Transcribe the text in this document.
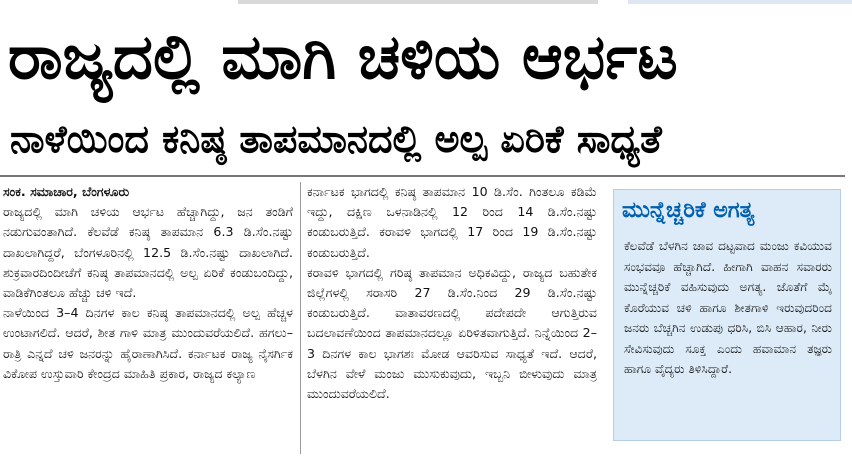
ರಾಜ್ಯದಲ್ಲಿ ಮಾಗಿ ಚಳಿಯ ಆರ್ಭಟ
ನಾಳೆಯಿಂದ ಕನಿಷ್ಠ ತಾಪಮಾನದಲ್ಲಿ ಅಲ್ಪ ಏರಿಕೆ ಸಾಧ್ಯತೆ

ಸಂಕ. ಸಮಾಚಾರ, ಬೆಂಗಳೂರು

ರಾಜ್ಯದಲ್ಲಿ ಮಾಗಿ ಚಳಿಯ ಆರ್ಭಟ ಹೆಚ್ಚಾಗಿದ್ದು, ಜನ ತಂಡಿಗೆ ನಡುಗುವಂತಾಗಿದೆ. ಕೆಲವೆಡೆ ಕನಿಷ್ಠ ತಾಪಮಾನ 6.3 ಡಿ.ಸೆಂ.ನಷ್ಟು ದಾಖಲಾಗಿದ್ದರೆ, ಬೆಂಗಳೂರಿನಲ್ಲಿ 12.5 ಡಿ.ಸೆಂ.ನಷ್ಟು ದಾಖಲಾಗಿದೆ. ಶುಕ್ರವಾರದಿಂದೀಚೆಗೆ ಕನಿಷ್ಠ ತಾಪಮಾನದಲ್ಲಿ ಅಲ್ಪ ಏರಿಕೆ ಕಂಡುಬಂದಿದ್ದು, ವಾಡಿಕೆಗಿಂತಲೂ ಹೆಚ್ಚು ಚಳಿ ಇದೆ.

ನಾಳೆಯಿಂದ 3–4 ದಿನಗಳ ಕಾಲ ಕನಿಷ್ಠ ತಾಪಮಾನದಲ್ಲಿ ಅಲ್ಪ ಹೆಚ್ಚಳ ಉಂಟಾಗಲಿದೆ. ಆದರೆ, ಶೀತ ಗಾಳಿ ಮಾತ್ರ ಮುಂದುವರೆಯಲಿದೆ. ಹಗಲು–ರಾತ್ರಿ ಎನ್ನದೆ ಚಳಿ ಜನರನ್ನು ಹೈರಾಣಾಗಿಸಿದೆ. ಕರ್ನಾಟಕ ರಾಜ್ಯ ನೈಸರ್ಗಿಕ ವಿಕೋಪ ಉಸ್ತುವಾರಿ ಕೇಂದ್ರದ ಮಾಹಿತಿ ಪ್ರಕಾರ, ರಾಜ್ಯದ ಕಲ್ಯಾಣ

ಕರ್ನಾಟಕ ಭಾಗದಲ್ಲಿ ಕನಿಷ್ಠ ತಾಪಮಾನ 10 ಡಿ.ಸೆಂ. ಗಿಂತಲೂ ಕಡಿಮೆ ಇದ್ದು, ದಕ್ಷಿಣ ಒಳನಾಡಿನಲ್ಲಿ 12 ರಿಂದ 14 ಡಿ.ಸೆಂ.ನಷ್ಟು ಕಂಡುಬರುತ್ತಿದೆ. ಕರಾವಳಿ ಭಾಗದಲ್ಲಿ 17 ರಿಂದ 19 ಡಿ.ಸೆಂ.ನಷ್ಟು ಕಂಡುಬರುತ್ತಿದೆ.

ಕರಾವಳಿ ಭಾಗದಲ್ಲಿ ಗರಿಷ್ಠ ತಾಪಮಾನ ಅಧಿಕವಿದ್ದು, ರಾಜ್ಯದ ಬಹುತೇಕ ಜಿಲ್ಲೆಗಳಲ್ಲಿ ಸರಾಸರಿ 27 ಡಿ.ಸೆಂ.ನಿಂದ 29 ಡಿ.ಸೆಂ.ನಷ್ಟು ಕಂಡುಬರುತ್ತಿದೆ. ವಾತಾವರಣದಲ್ಲಿ ಪದೇಪದೇ ಆಗುತ್ತಿರುವ ಬದಲಾವಣೆಯಿಂದ ತಾಪಮಾನದಲ್ಲೂ ಏರಿಳಿತವಾಗುತ್ತಿದೆ. ನಿನ್ನೆಯಿಂದ 2–3 ದಿನಗಳ ಕಾಲ ಭಾಗಶಃ ಮೋಡ ಆವರಿಸುವ ಸಾಧ್ಯತೆ ಇದೆ. ಆದರೆ, ಬೆಳಗಿನ ವೇಳೆ ಮಂಜು ಮುಸುಕುವುದು, ಇಬ್ಬನಿ ಬೀಳುವುದು ಮಾತ್ರ ಮುಂದುವರೆಯಲಿದೆ.

ಮುನ್ನೆಚ್ಚರಿಕೆ ಅಗತ್ಯ
ಕೆಲವೆಡೆ ಬೆಳಗಿನ ಜಾವ ದಟ್ಟವಾದ ಮಂಜು ಕವಿಯುವ ಸಂಭವವೂ ಹೆಚ್ಚಾಗಿದೆ. ಹೀಗಾಗಿ ವಾಹನ ಸವಾರರು ಮುನ್ನೆಚ್ಚರಿಕೆ ವಹಿಸುವುದು ಅಗತ್ಯ. ಜೊತೆಗೆ ಮೈ ಕೊರೆಯುವ ಚಳಿ ಹಾಗೂ ಶೀತಗಾಳಿ ಇರುವುದರಿಂದ ಜನರು ಬೆಚ್ಚಗಿನ ಉಡುಪು ಧರಿಸಿ, ಬಿಸಿ ಆಹಾರ, ನೀರು ಸೇವಿಸುವುದು ಸೂಕ್ತ ಎಂದು ಹವಾಮಾನ ತಜ್ಞರು ಹಾಗೂ ವೈದ್ಯರು ತಿಳಿಸಿದ್ದಾರೆ.
